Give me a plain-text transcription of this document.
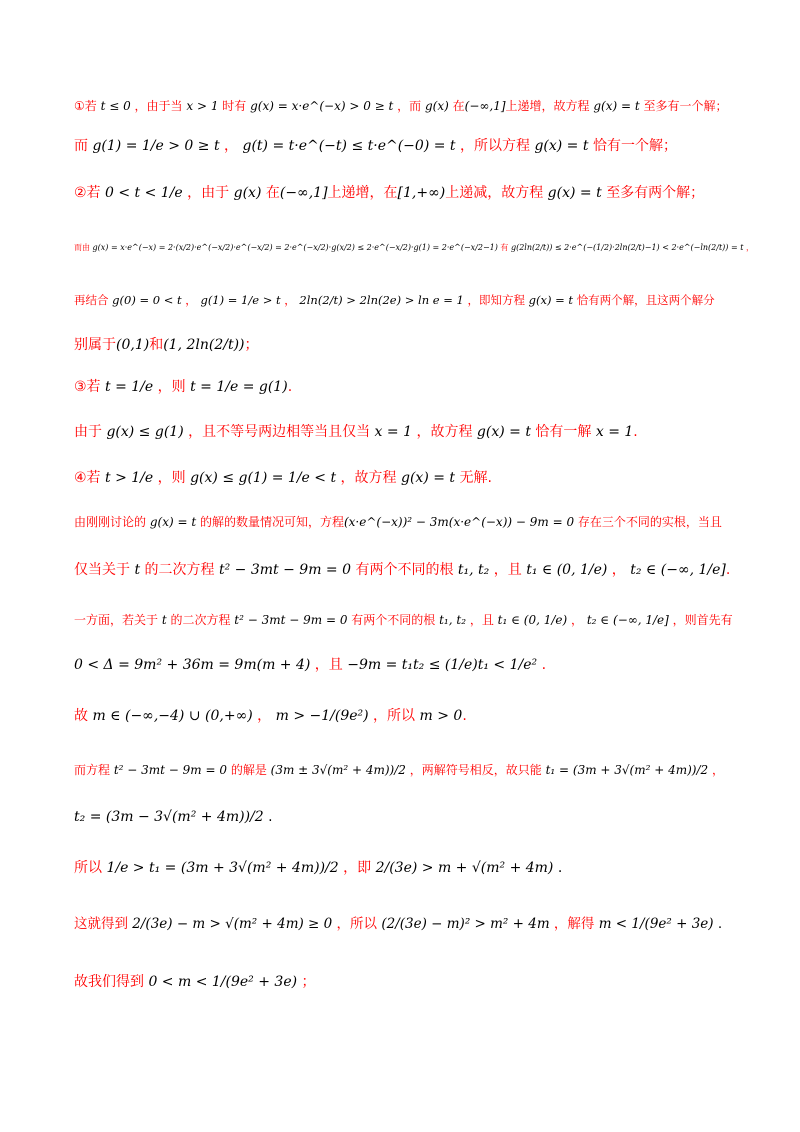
①若 t ≤ 0 ，由于当 x > 1 时有 g(x) = x·e^(−x) > 0 ≥ t ，而 g(x) 在(−∞,1]上递增，故方程 g(x) = t 至多有一个解；
而 g(1) = 1/e > 0 ≥ t ， g(t) = t·e^(−t) ≤ t·e^(−0) = t ，所以方程 g(x) = t 恰有一个解；
②若 0 < t < 1/e ，由于 g(x) 在(−∞,1]上递增，在[1,+∞)上递减，故方程 g(x) = t 至多有两个解；
而由 g(x) = x·e^(−x) = 2·(x/2)·e^(−x/2)·e^(−x/2) = 2·e^(−x/2)·g(x/2) ≤ 2·e^(−x/2)·g(1) = 2·e^(−x/2−1) 有 g(2ln(2/t)) ≤ 2·e^(−(1/2)·2ln(2/t)−1) < 2·e^(−ln(2/t)) = t ，
再结合 g(0) = 0 < t ， g(1) = 1/e > t ， 2ln(2/t) > 2ln(2e) > ln e = 1 ，即知方程 g(x) = t 恰有两个解，且这两个解分
别属于(0,1)和(1, 2ln(2/t))；
③若 t = 1/e ，则 t = 1/e = g(1).
由于 g(x) ≤ g(1) ，且不等号两边相等当且仅当 x = 1 ，故方程 g(x) = t 恰有一解 x = 1.
④若 t > 1/e ，则 g(x) ≤ g(1) = 1/e < t ，故方程 g(x) = t 无解.
由刚刚讨论的 g(x) = t 的解的数量情况可知，方程(x·e^(−x))² − 3m(x·e^(−x)) − 9m = 0 存在三个不同的实根，当且
仅当关于 t 的二次方程 t² − 3mt − 9m = 0 有两个不同的根 t₁, t₂ ，且 t₁ ∈ (0, 1/e) ， t₂ ∈ (−∞, 1/e].
一方面，若关于 t 的二次方程 t² − 3mt − 9m = 0 有两个不同的根 t₁, t₂ ，且 t₁ ∈ (0, 1/e) ， t₂ ∈ (−∞, 1/e] ，则首先有
0 < Δ = 9m² + 36m = 9m(m + 4) ，且 −9m = t₁t₂ ≤ (1/e)t₁ < 1/e² .
故 m ∈ (−∞,−4) ∪ (0,+∞) ， m > −1/(9e²) ，所以 m > 0.
而方程 t² − 3mt − 9m = 0 的解是 (3m ± 3√(m² + 4m))/2 ，两解符号相反，故只能 t₁ = (3m + 3√(m² + 4m))/2 ，
t₂ = (3m − 3√(m² + 4m))/2 .
所以 1/e > t₁ = (3m + 3√(m² + 4m))/2 ，即 2/(3e) > m + √(m² + 4m) .
这就得到 2/(3e) − m > √(m² + 4m) ≥ 0 ，所以 (2/(3e) − m)² > m² + 4m ，解得 m < 1/(9e² + 3e) .
故我们得到 0 < m < 1/(9e² + 3e) ；
